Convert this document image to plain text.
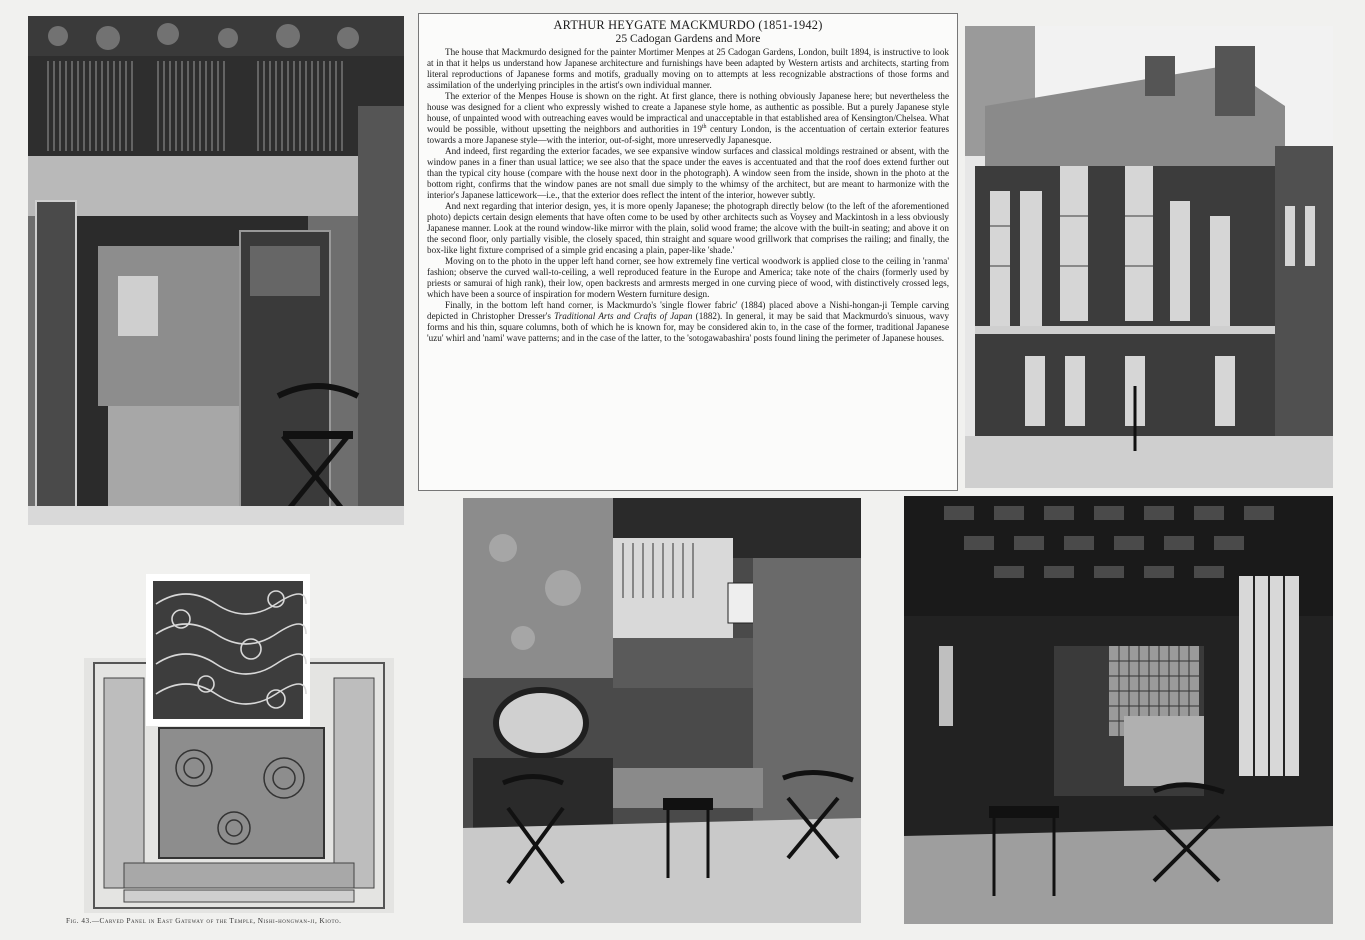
ARTHUR HEYGATE MACKMURDO (1851-1942)
25 Cadogan Gardens and More

The house that Mackmurdo designed for the painter Mortimer Menpes at 25 Cadogan Gardens, London, built 1894, is instructive to look at in that it helps us understand how Japanese architecture and furnishings have been adapted by Western artists and architects, starting from literal reproductions of Japanese forms and motifs, gradually moving on to attempts at less recognizable abstractions of those forms and assimilation of the underlying principles in the artist's own individual manner.

The exterior of the Menpes House is shown on the right. At first glance, there is nothing obviously Japanese here; but nevertheless the house was designed for a client who expressly wished to create a Japanese style home, as authentic as possible. But a purely Japanese style house, of unpainted wood with outreaching eaves would be impractical and unacceptable in that established area of Kensington/Chelsea. What would be possible, without upsetting the neighbors and authorities in 19th century London, is the accentuation of certain exterior features towards a more Japanese style—with the interior, out-of-sight, more unreservedly Japanesque.

And indeed, first regarding the exterior facades, we see expansive window surfaces and classical moldings restrained or absent, with the window panes in a finer than usual lattice; we see also that the space under the eaves is accentuated and that the roof does extend further out than the typical city house (compare with the house next door in the photograph). A window seen from the inside, shown in the photo at the bottom right, confirms that the window panes are not small due simply to the whimsy of the architect, but are meant to harmonize with the interior's Japanese latticework—i.e., that the exterior does reflect the intent of the interior, however subtly.

And next regarding that interior design, yes, it is more openly Japanese; the photograph directly below (to the left of the aforementioned photo) depicts certain design elements that have often come to be used by other architects such as Voysey and Mackintosh in a less obviously Japanese manner. Look at the round window-like mirror with the plain, solid wood frame; the alcove with the built-in seating; and above it on the second floor, only partially visible, the closely spaced, thin straight and square wood grillwork that comprises the railing; and finally, the box-like light fixture comprised of a simple grid encasing a plain, paper-like 'shade.'

Moving on to the photo in the upper left hand corner, see how extremely fine vertical woodwork is applied close to the ceiling in 'ranma' fashion; observe the curved wall-to-ceiling, a well reproduced feature in the Europe and America; take note of the chairs (formerly used by priests or samurai of high rank), their low, open backrests and armrests merged in one curving piece of wood, with distinctively crossed legs, which have been a source of inspiration for modern Western furniture design.

Finally, in the bottom left hand corner, is Mackmurdo's 'single flower fabric' (1884) placed above a Nishi-hongan-ji Temple carving depicted in Christopher Dresser's Traditional Arts and Crafts of Japan (1882). In general, it may be said that Mackmurdo's sinuous, wavy forms and his thin, square columns, both of which he is known for, may be considered akin to, in the case of the former, traditional Japanese 'uzu' whirl and 'nami' wave patterns; and in the case of the latter, to the 'sotogawabashira' posts found lining the perimeter of Japanese houses.

Fig. 43.—Carved Panel in East Gateway of the Temple, Nishi-hongwan-ji, Kioto.
